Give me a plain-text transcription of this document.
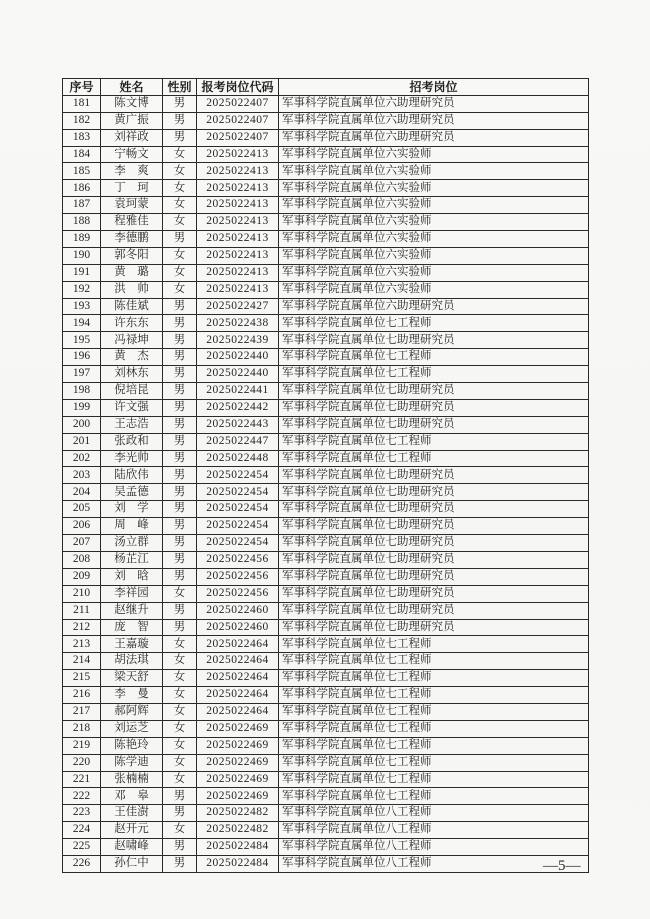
序号	姓名	性别	报考岗位代码	招考岗位
181	陈文博	男	2025022407	军事科学院直属单位六助理研究员
182	黄广振	男	2025022407	军事科学院直属单位六助理研究员
183	刘祥政	男	2025022407	军事科学院直属单位六助理研究员
184	宁畅文	女	2025022413	军事科学院直属单位六实验师
185	李　爽	女	2025022413	军事科学院直属单位六实验师
186	丁　珂	女	2025022413	军事科学院直属单位六实验师
187	袁珂蒙	女	2025022413	军事科学院直属单位六实验师
188	程雅佳	女	2025022413	军事科学院直属单位六实验师
189	李德鹏	男	2025022413	军事科学院直属单位六实验师
190	郭冬阳	女	2025022413	军事科学院直属单位六实验师
191	黄　璐	女	2025022413	军事科学院直属单位六实验师
192	洪　帅	女	2025022413	军事科学院直属单位六实验师
193	陈佳斌	男	2025022427	军事科学院直属单位六助理研究员
194	许东东	男	2025022438	军事科学院直属单位七工程师
195	冯禄坤	男	2025022439	军事科学院直属单位七助理研究员
196	黄　杰	男	2025022440	军事科学院直属单位七工程师
197	刘林东	男	2025022440	军事科学院直属单位七工程师
198	倪培昆	男	2025022441	军事科学院直属单位七助理研究员
199	许文强	男	2025022442	军事科学院直属单位七助理研究员
200	王志浩	男	2025022443	军事科学院直属单位七助理研究员
201	张政和	男	2025022447	军事科学院直属单位七工程师
202	李光帅	男	2025022448	军事科学院直属单位七工程师
203	陆欣伟	男	2025022454	军事科学院直属单位七助理研究员
204	吴孟德	男	2025022454	军事科学院直属单位七助理研究员
205	刘　学	男	2025022454	军事科学院直属单位七助理研究员
206	周　峰	男	2025022454	军事科学院直属单位七助理研究员
207	汤立群	男	2025022454	军事科学院直属单位七助理研究员
208	杨芷江	男	2025022456	军事科学院直属单位七助理研究员
209	刘　晗	男	2025022456	军事科学院直属单位七助理研究员
210	李祥园	女	2025022456	军事科学院直属单位七助理研究员
211	赵继升	男	2025022460	军事科学院直属单位七助理研究员
212	庞　智	男	2025022460	军事科学院直属单位七助理研究员
213	王嘉璇	女	2025022464	军事科学院直属单位七工程师
214	胡法琪	女	2025022464	军事科学院直属单位七工程师
215	梁天舒	女	2025022464	军事科学院直属单位七工程师
216	李　曼	女	2025022464	军事科学院直属单位七工程师
217	郝阿辉	女	2025022464	军事科学院直属单位七工程师
218	刘运芝	女	2025022469	军事科学院直属单位七工程师
219	陈艳玲	女	2025022469	军事科学院直属单位七工程师
220	陈学迪	女	2025022469	军事科学院直属单位七工程师
221	张楠楠	女	2025022469	军事科学院直属单位七工程师
222	邓　皋	男	2025022469	军事科学院直属单位七工程师
223	王佳澍	男	2025022482	军事科学院直属单位八工程师
224	赵开元	女	2025022482	军事科学院直属单位八工程师
225	赵啸峰	男	2025022484	军事科学院直属单位八工程师
226	孙仁中	男	2025022484	军事科学院直属单位八工程师	—5—
